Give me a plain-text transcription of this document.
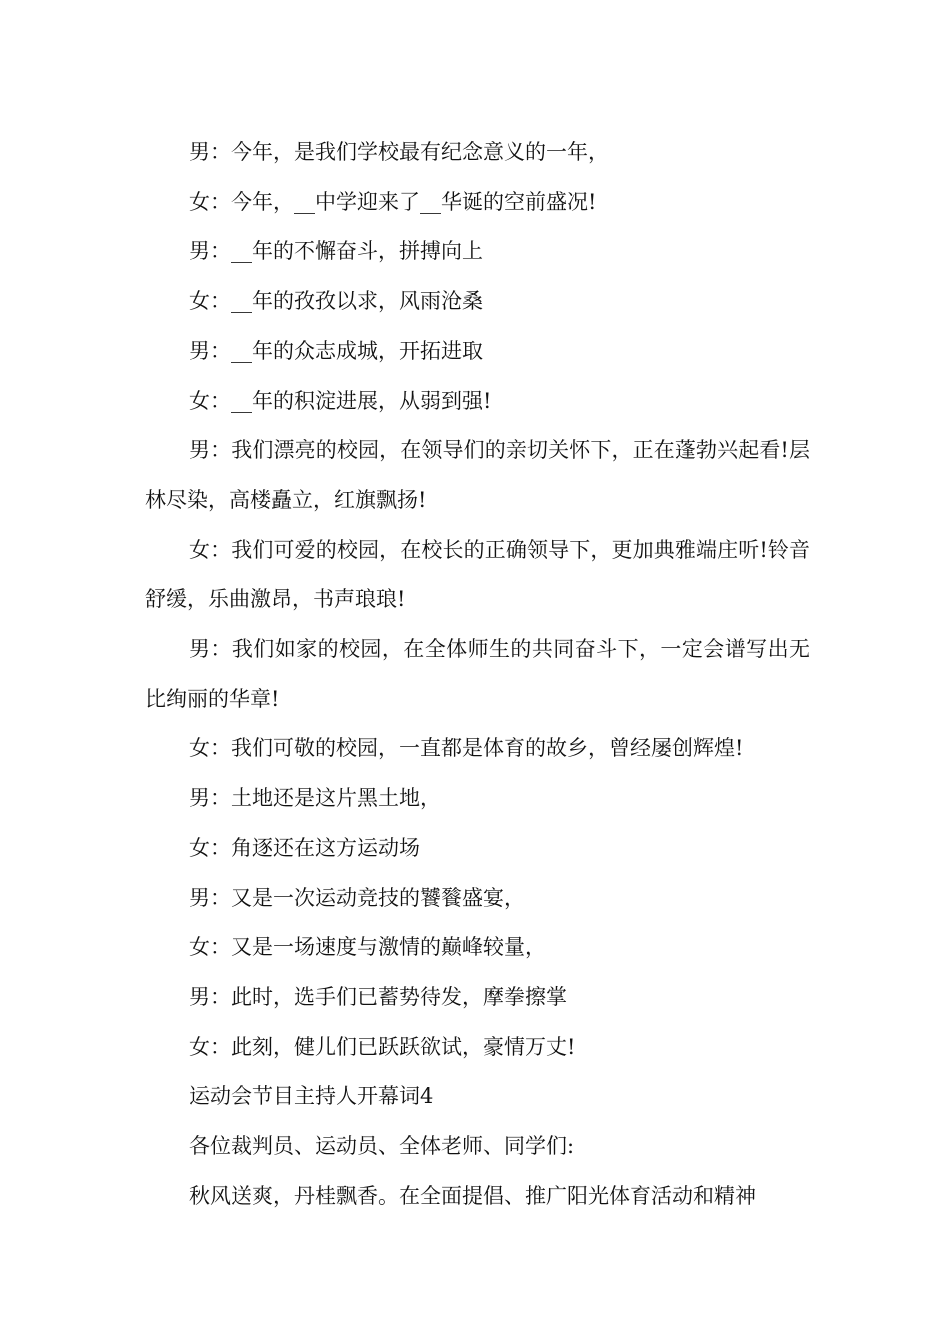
男：今年，是我们学校最有纪念意义的一年，

女：今年，__中学迎来了__华诞的空前盛况!

男：__年的不懈奋斗，拼搏向上

女：__年的孜孜以求，风雨沧桑

男：__年的众志成城，开拓进取

女：__年的积淀进展，从弱到强!

男：我们漂亮的校园，在领导们的亲切关怀下，正在蓬勃兴起看!层林尽染，高楼矗立，红旗飘扬!

女：我们可爱的校园，在校长的正确领导下，更加典雅端庄听!铃音舒缓，乐曲激昂，书声琅琅!

男：我们如家的校园，在全体师生的共同奋斗下，一定会谱写出无比绚丽的华章!

女：我们可敬的校园，一直都是体育的故乡，曾经屡创辉煌!

男：土地还是这片黑土地，

女：角逐还在这方运动场

男：又是一次运动竞技的饕餮盛宴，

女：又是一场速度与激情的巅峰较量，

男：此时，选手们已蓄势待发，摩拳擦掌

女：此刻，健儿们已跃跃欲试，豪情万丈!

运动会节目主持人开幕词4

各位裁判员、运动员、全体老师、同学们:

秋风送爽，丹桂飘香。在全面提倡、推广阳光体育活动和精神
